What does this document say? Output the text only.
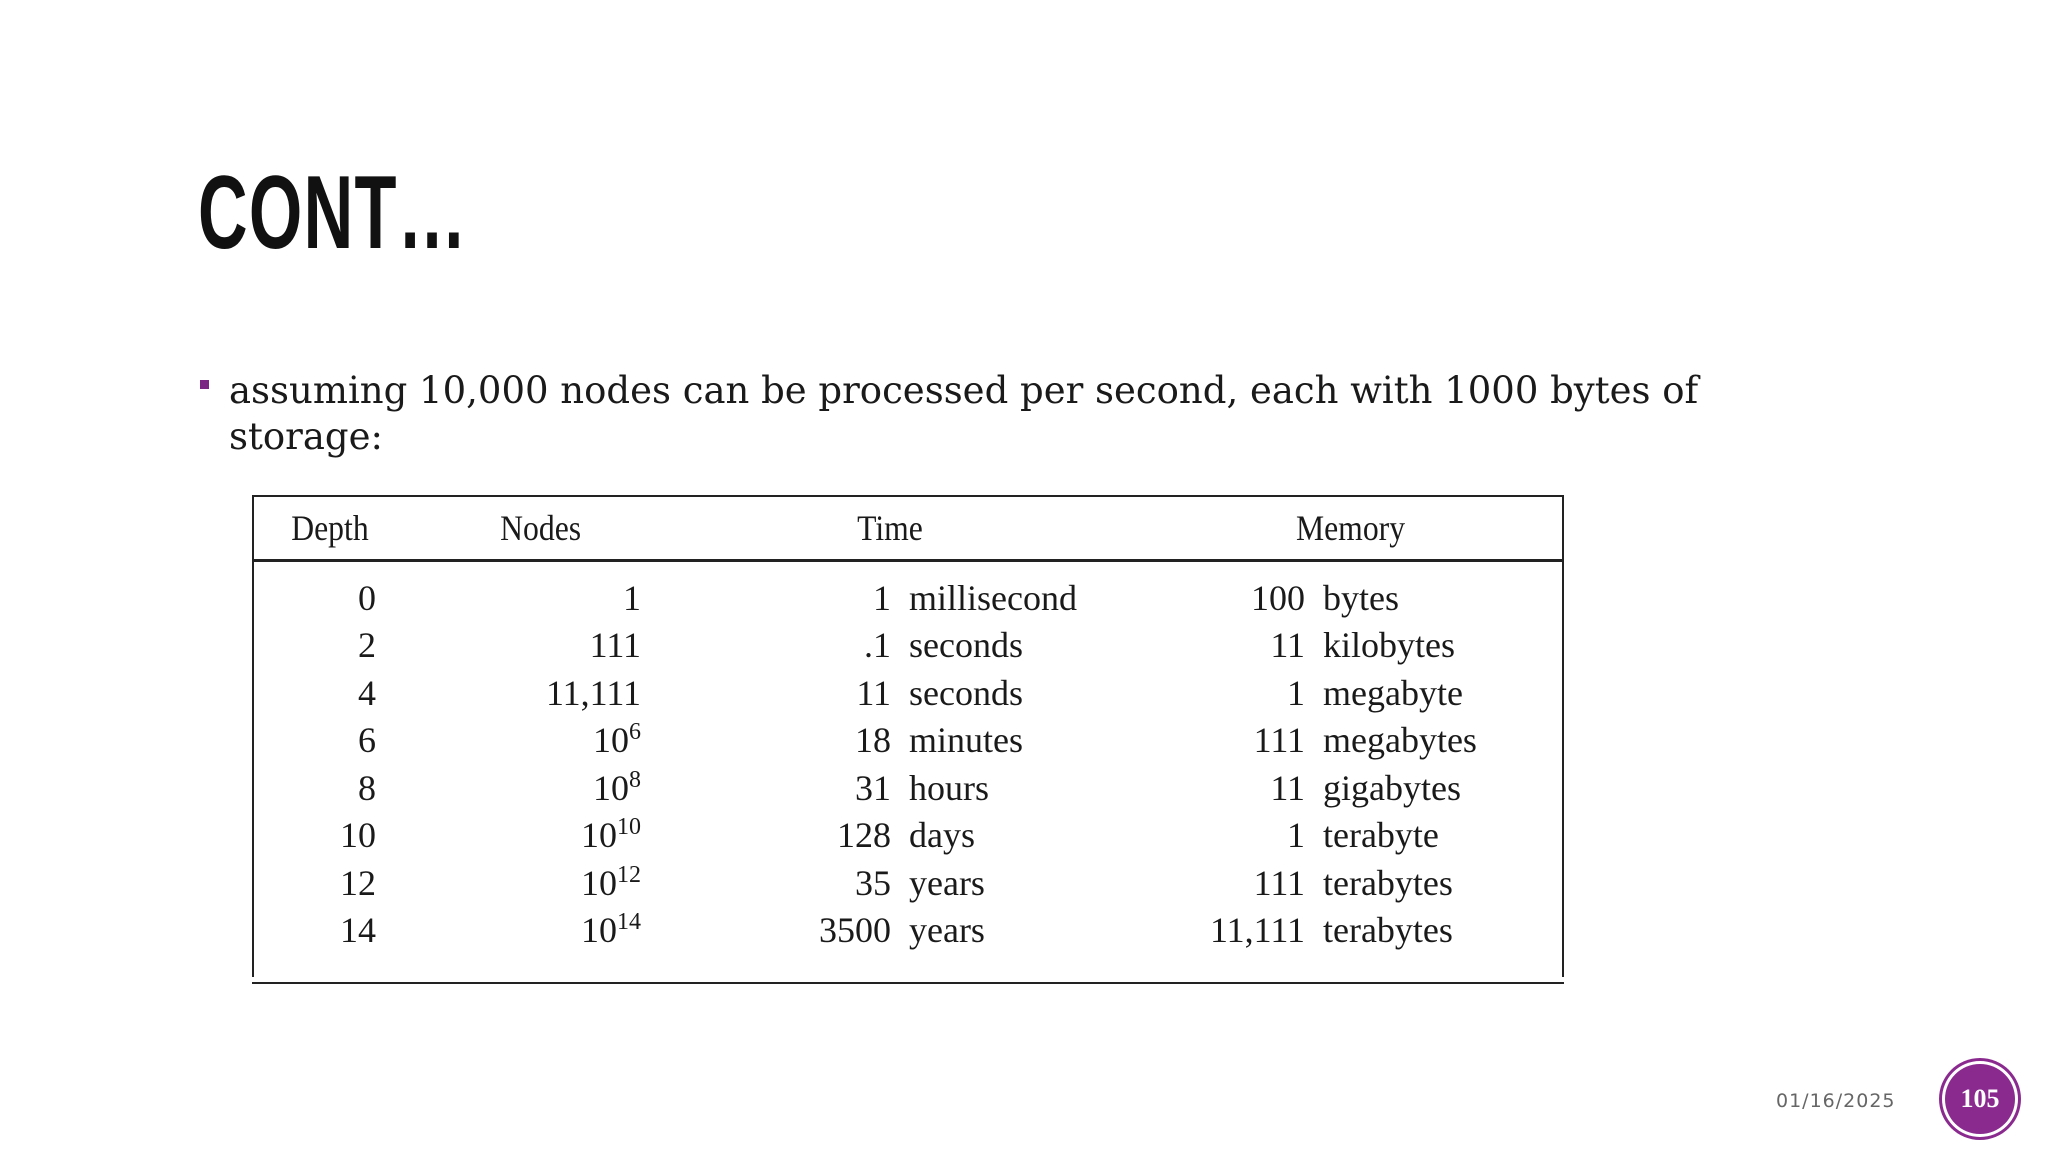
CONT…
assuming 10,000 nodes can be processed per second, each with 1000 bytes of storage:
Depth	Nodes	Time		Memory	
0	1	1	millisecond	100	bytes
2	111	.1	seconds	11	kilobytes
4	11,111	11	seconds	1	megabyte
6	$10^6$	18	minutes	111	megabytes
8	$10^8$	31	hours	11	gigabytes
10	$10^{10}$	128	days	1	terabyte
12	$10^{12}$	35	years	111	terabytes
14	$10^{14}$	3500	years	11,111	terabytes
01/16/2025 105
